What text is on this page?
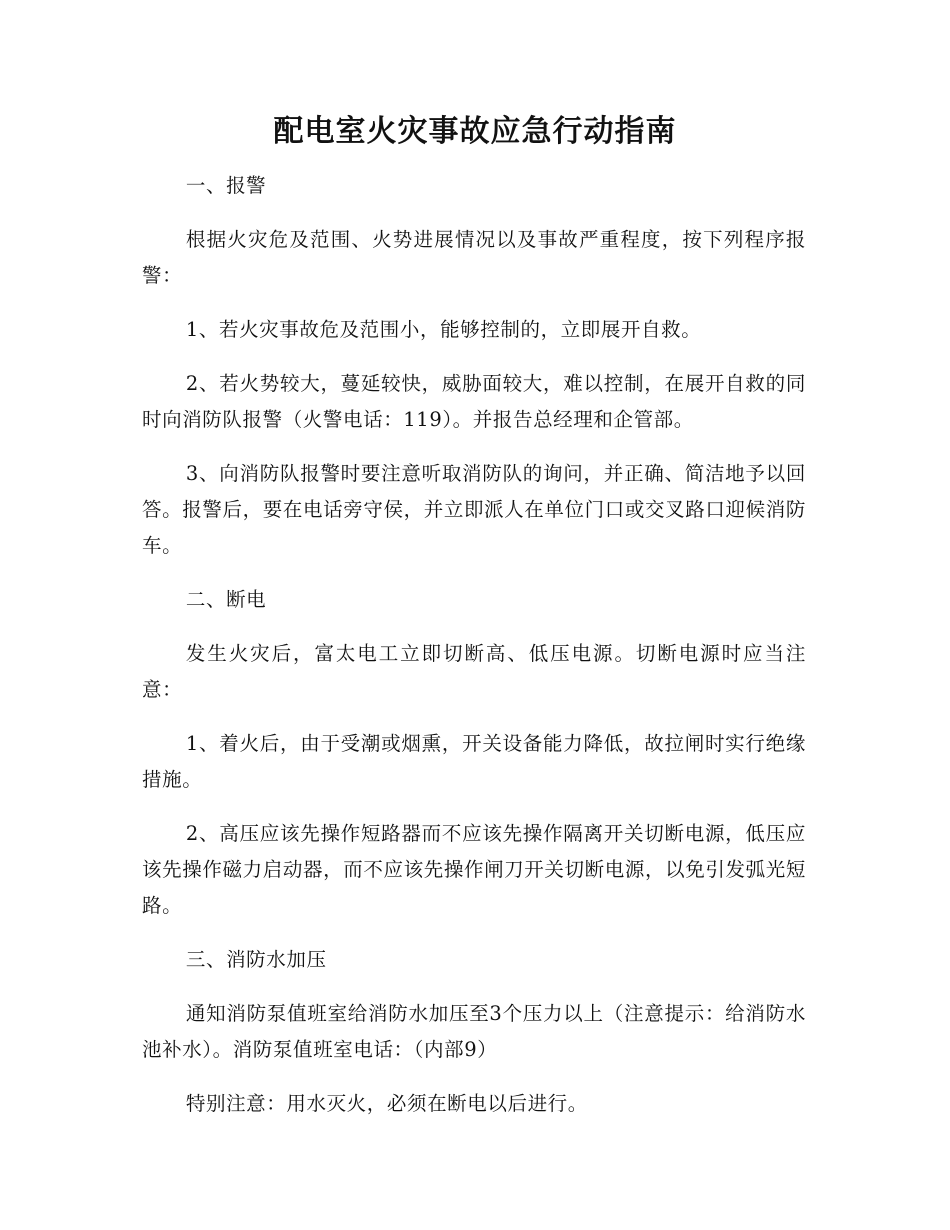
配电室火灾事故应急行动指南

一、报警

根据火灾危及范围、火势进展情况以及事故严重程度，按下列程序报警：

1、若火灾事故危及范围小，能够控制的，立即展开自救。

2、若火势较大，蔓延较快，威胁面较大，难以控制，在展开自救的同时向消防队报警（火警电话：119）。并报告总经理和企管部。

3、向消防队报警时要注意听取消防队的询问，并正确、简洁地予以回答。报警后，要在电话旁守侯，并立即派人在单位门口或交叉路口迎候消防车。

二、断电

发生火灾后，富太电工立即切断高、低压电源。切断电源时应当注意：

1、着火后，由于受潮或烟熏，开关设备能力降低，故拉闸时实行绝缘措施。

2、高压应该先操作短路器而不应该先操作隔离开关切断电源，低压应该先操作磁力启动器，而不应该先操作闸刀开关切断电源，以免引发弧光短路。

三、消防水加压

通知消防泵值班室给消防水加压至3个压力以上（注意提示：给消防水池补水）。消防泵值班室电话：（内部9）

特别注意：用水灭火，必须在断电以后进行。
